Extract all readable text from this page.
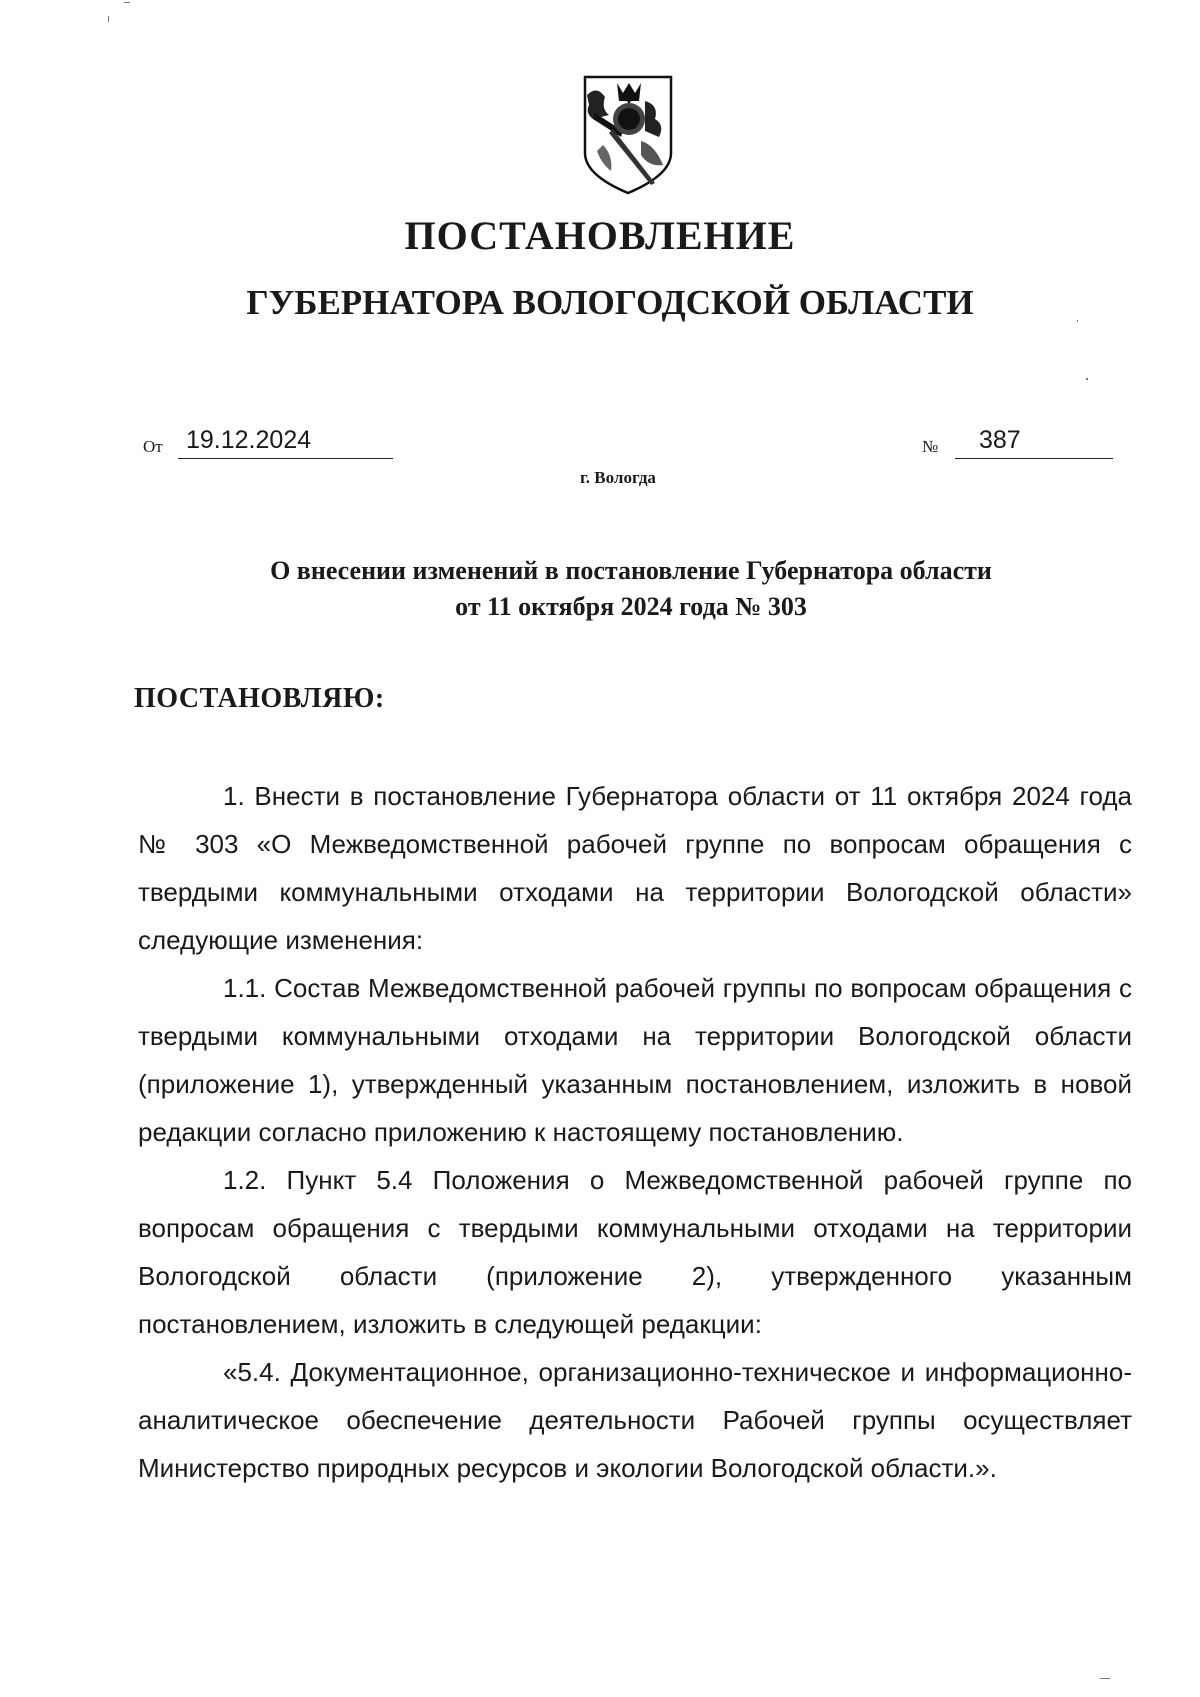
ПОСТАНОВЛЕНИЕ
ГУБЕРНАТОРА ВОЛОГОДСКОЙ ОБЛАСТИ
От 19.12.2024	№	387
г. Вологда
О внесении изменений в постановление Губернатора области
от 11 октября 2024 года № 303
ПОСТАНОВЛЯЮ:

1. Внести в постановление Губернатора области от 11 октября 2024 года № 303 «О Межведомственной рабочей группе по вопросам обращения с твердыми коммунальными отходами на территории Вологодской области» следующие изменения:

1.1. Состав Межведомственной рабочей группы по вопросам обращения с твердыми коммунальными отходами на территории Вологодской области (приложение 1), утвержденный указанным постановлением, изложить в новой редакции согласно приложению к настоящему постановлению.

1.2. Пункт 5.4 Положения о Межведомственной рабочей группе по вопросам обращения с твердыми коммунальными отходами на территории Вологодской области (приложение 2), утвержденного указанным постановлением, изложить в следующей редакции:

«5.4. Документационное, организационно-техническое и информационно-аналитическое обеспечение деятельности Рабочей группы осуществляет Министерство природных ресурсов и экологии Вологодской области.».
